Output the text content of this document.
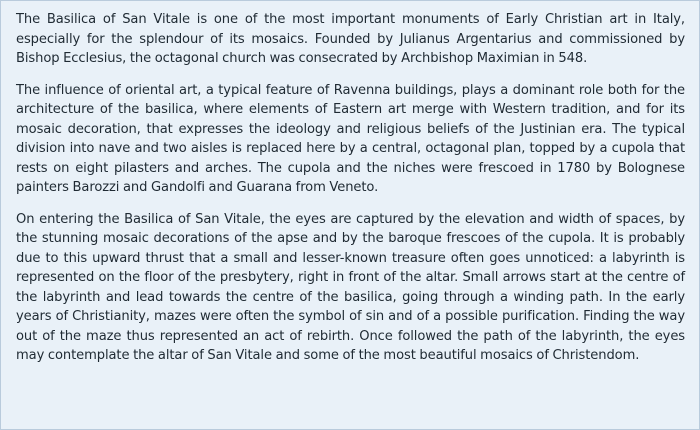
The Basilica of San Vitale is one of the most important monuments of Early Christian art in Italy, especially for the splendour of its mosaics. Founded by Julianus Argentarius and commissioned by Bishop Ecclesius, the octagonal church was consecrated by Archbishop Maximian in 548.

The influence of oriental art, a typical feature of Ravenna buildings, plays a dominant role both for the architecture of the basilica, where elements of Eastern art merge with Western tradition, and for its mosaic decoration, that expresses the ideology and religious beliefs of the Justinian era. The typical division into nave and two aisles is replaced here by a central, octagonal plan, topped by a cupola that rests on eight pilasters and arches. The cupola and the niches were frescoed in 1780 by Bolognese painters Barozzi and Gandolfi and Guarana from Veneto.

On entering the Basilica of San Vitale, the eyes are captured by the elevation and width of spaces, by the stunning mosaic decorations of the apse and by the baroque frescoes of the cupola. It is probably due to this upward thrust that a small and lesser-known treasure often goes unnoticed: a labyrinth is represented on the floor of the presbytery, right in front of the altar. Small arrows start at the centre of the labyrinth and lead towards the centre of the basilica, going through a winding path. In the early years of Christianity, mazes were often the symbol of sin and of a possible purification. Finding the way out of the maze thus represented an act of rebirth. Once followed the path of the labyrinth, the eyes may contemplate the altar of San Vitale and some of the most beautiful mosaics of Christendom.
